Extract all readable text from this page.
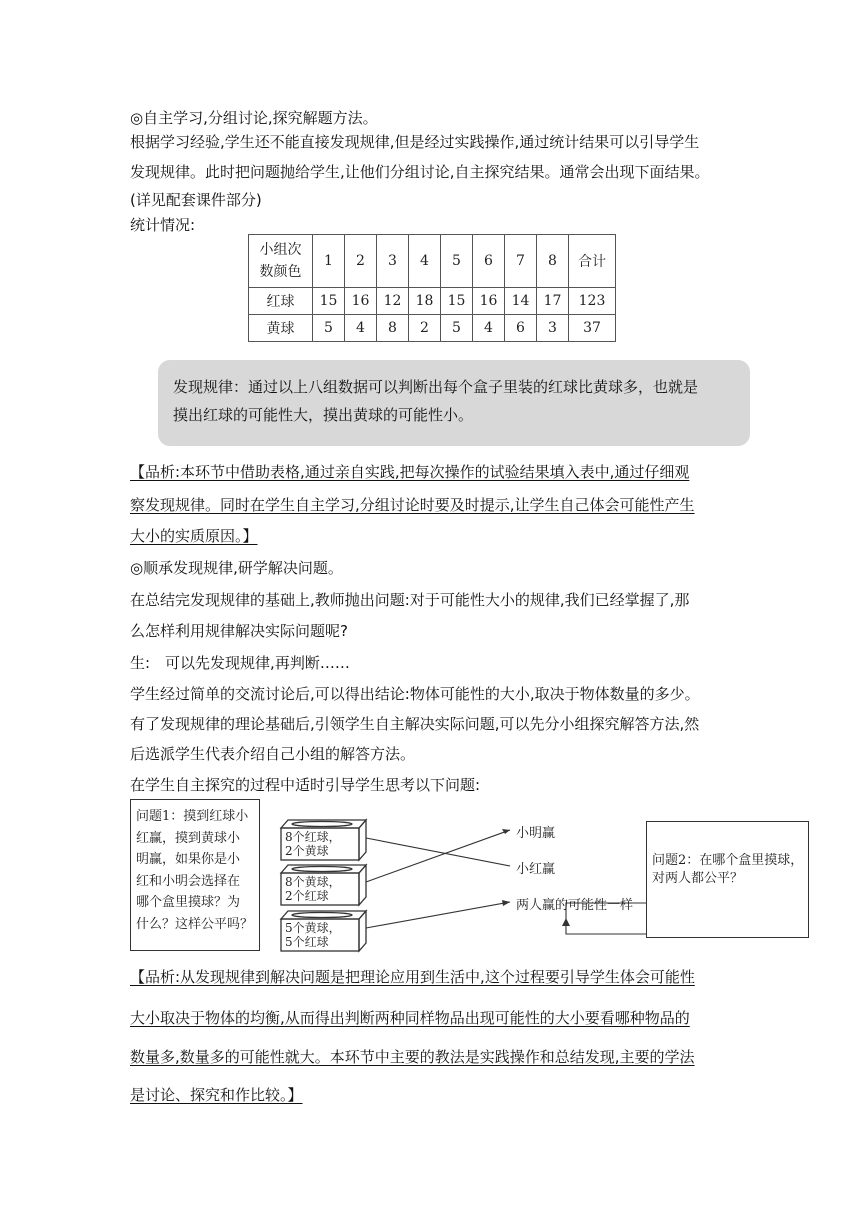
◎自主学习,分组讨论,探究解题方法。
根据学习经验,学生还不能直接发现规律,但是经过实践操作,通过统计结果可以引导学生
发现规律。此时把问题抛给学生,让他们分组讨论,自主探究结果。通常会出现下面结果。
(详见配套课件部分)
统计情况:
小组次
数颜色	1	2	3	4	5	6	7	8	合计
红球	15	16	12	18	15	16	14	17	123
黄球	5	4	8	2	5	4	6	3	37
发现规律：通过以上八组数据可以判断出每个盒子里装的红球比黄球多，也就是
摸出红球的可能性大，摸出黄球的可能性小。
【品析:本环节中借助表格,通过亲自实践,把每次操作的试验结果填入表中,通过仔细观
察发现规律。同时在学生自主学习,分组讨论时要及时提示,让学生自己体会可能性产生
大小的实质原因。】
◎顺承发现规律,研学解决问题。
在总结完发现规律的基础上,教师抛出问题:对于可能性大小的规律,我们已经掌握了,那
么怎样利用规律解决实际问题呢?
生:　可以先发现规律,再判断……
学生经过简单的交流讨论后,可以得出结论:物体可能性的大小,取决于物体数量的多少。
有了发现规律的理论基础后,引领学生自主解决实际问题,可以先分小组探究解答方法,然
后选派学生代表介绍自己小组的解答方法。
在学生自主探究的过程中适时引导学生思考以下问题:
问题1：摸到红球小
红赢，摸到黄球小
明赢，如果你是小
红和小明会选择在
哪个盒里摸球？为
什么？这样公平吗？
8个红球，
2个黄球
8个黄球，
2个红球
5个黄球，
5个红球
小明赢
小红赢
两人赢的可能性一样
问题2：在哪个盒里摸球，
对两人都公平？
【品析:从发现规律到解决问题是把理论应用到生活中,这个过程要引导学生体会可能性
大小取决于物体的均衡,从而得出判断两种同样物品出现可能性的大小要看哪种物品的
数量多,数量多的可能性就大。本环节中主要的教法是实践操作和总结发现,主要的学法
是讨论、探究和作比较。】
